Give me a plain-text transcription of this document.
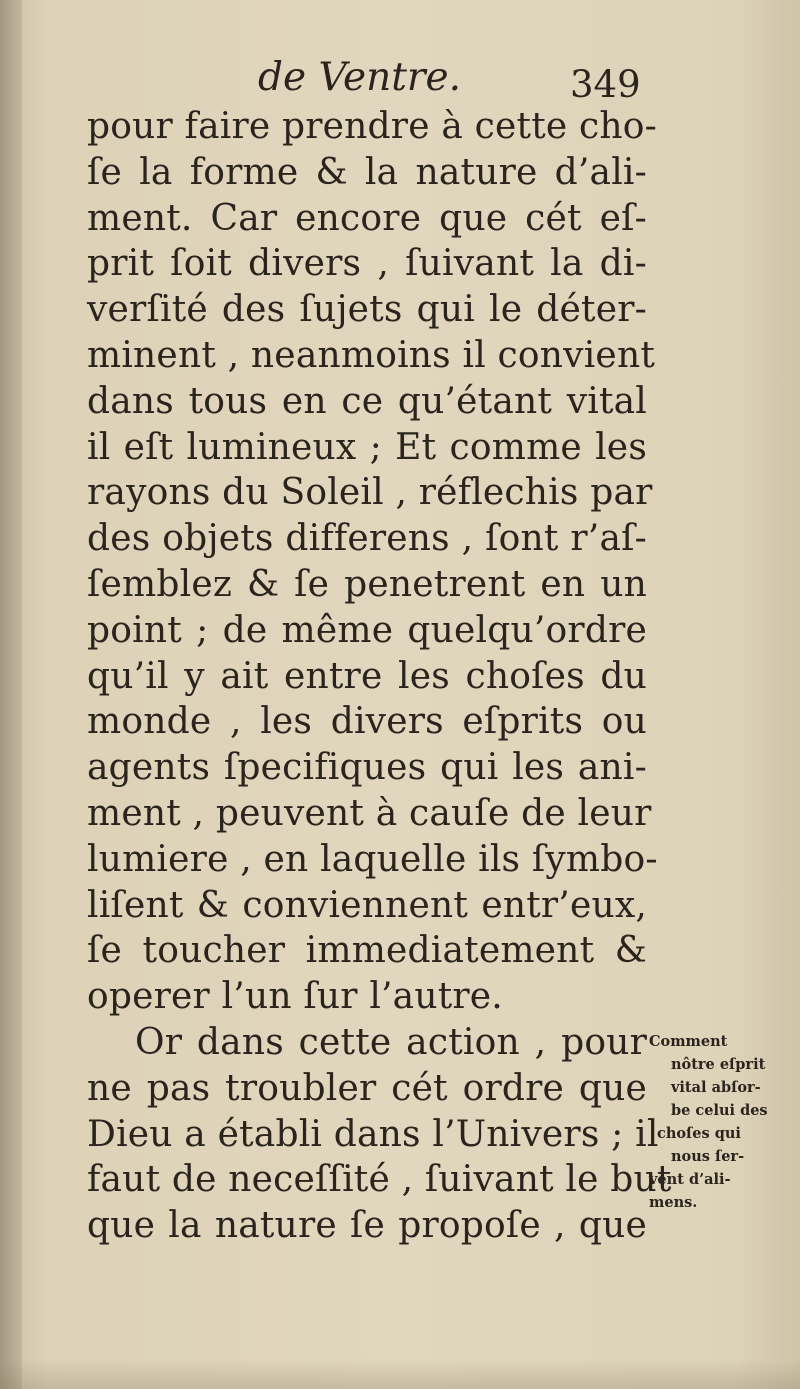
de Ventre.	349
pour faire prendre à cette cho-
ſe la forme & la nature d’ali-
ment. Car encore que cét eſ-
prit ſoit divers , ſuivant la di-
verſité des ſujets qui le déter-
minent , neanmoins il convient
dans tous en ce qu’étant vital
il eſt lumineux ; Et comme les
rayons du Soleil , réflechis par
des objets differens , ſont r’aſ-
ſemblez & ſe penetrent en un
point ; de même quelqu’ordre
qu’il y ait entre les choſes du
monde , les divers eſprits ou
agents ſpecifiques qui les ani-
ment , peuvent à cauſe de leur
lumiere , en laquelle ils ſymbo-
liſent & conviennent entr’eux,
ſe toucher immediatement &
operer l’un ſur l’autre.
Or dans cette action , pour
ne pas troubler cét ordre que
Dieu a établi dans l’Univers ; il
faut de neceſſité , ſuivant le but
que la nature ſe propoſe , que
Comment
nôtre eſprit
vital abſor-
be celui des
choſes qui
nous ſer-
vent d’ali-
mens.
